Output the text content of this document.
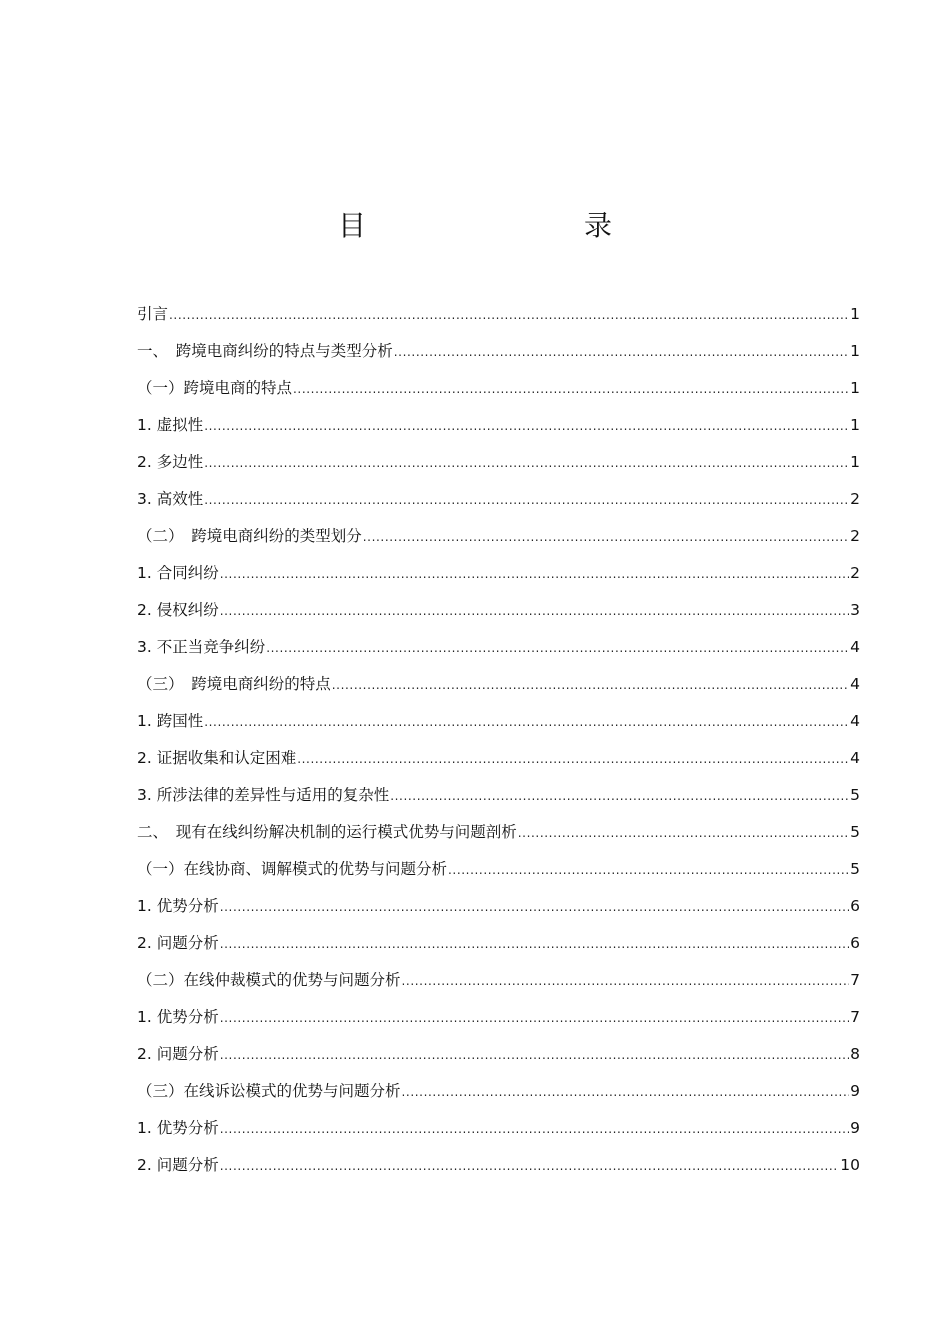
目　　录
引言 .....	1
一、　跨境电商纠纷的特点与类型分析 .....	1
（一）跨境电商的特点 .....	1
1. 虚拟性 .....	1
2. 多边性 .....	1
3. 高效性 .....	2
（二）　跨境电商纠纷的类型划分 .....	2
1. 合同纠纷 .....	2
2. 侵权纠纷 .....	3
3. 不正当竞争纠纷 .....	4
（三）　跨境电商纠纷的特点 .....	4
1. 跨国性 .....	4
2. 证据收集和认定困难 .....	4
3. 所涉法律的差异性与适用的复杂性 .....	5
二、　现有在线纠纷解决机制的运行模式优势与问题剖析 .....	5
（一）在线协商、调解模式的优势与问题分析 .....	5
1. 优势分析 .....	6
2. 问题分析 .....	6
（二）在线仲裁模式的优势与问题分析 .....	7
1. 优势分析 .....	7
2. 问题分析 .....	8
（三）在线诉讼模式的优势与问题分析 .....	9
1. 优势分析 .....	9
2. 问题分析 .....	10
